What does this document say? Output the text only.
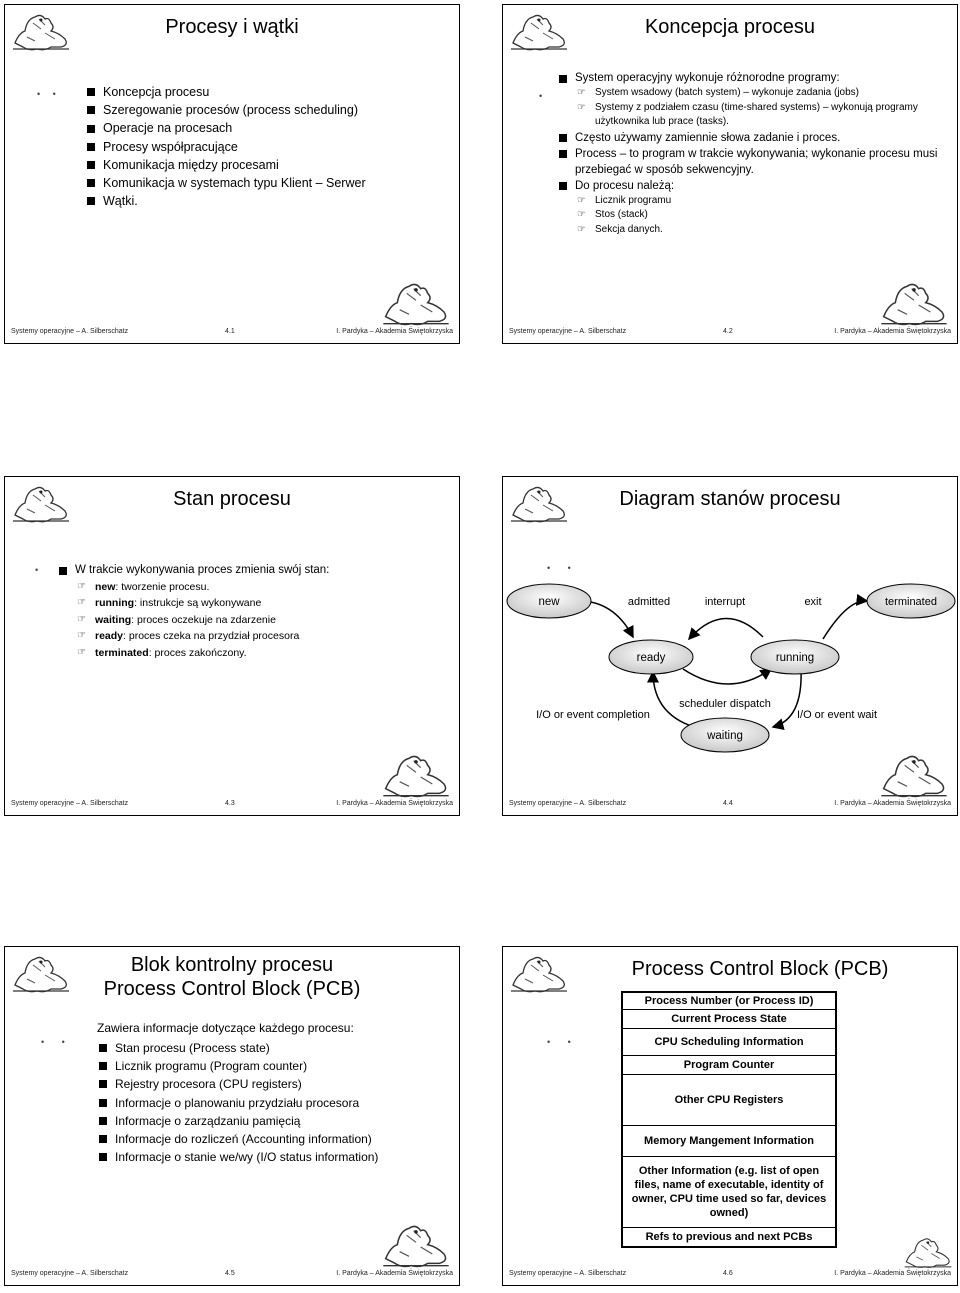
Procesy i wątki
•     •	Koncepcja procesu
Szeregowanie procesów (process scheduling)
Operacje na procesach
Procesy współpracujące
Komunikacja między procesami
Komunikacja w systemach typu Klient – Serwer
Wątki.
Systemy operacyjne – A. Silberschatz	4.1	I. Pardyka – Akademia Świętokrzyska
Koncepcja procesu
•
System operacyjny wykonuje różnorodne programy:
☞ System wsadowy (batch system) – wykonuje zadania (jobs)
☞ Systemy z podziałem czasu (time-shared systems) – wykonują programy użytkownika lub prace (tasks).
Często używamy zamiennie słowa zadanie i proces.
Process – to program w trakcie wykonywania; wykonanie procesu musi przebiegać w sposób sekwencyjny.
Do procesu należą:
☞ Licznik programu
☞ Stos (stack)
☞ Sekcja danych.
Systemy operacyjne – A. Silberschatz	4.2	I. Pardyka – Akademia Świętokrzyska
Stan procesu
•	W trakcie wykonywania proces zmienia swój stan:
☞ new: tworzenie procesu.
☞ running: instrukcje są wykonywane
☞ waiting: proces oczekuje na zdarzenie
☞ ready: proces czeka na przydział procesora
☞ terminated: proces zakończony.
Systemy operacyjne – A. Silberschatz	4.3	I. Pardyka – Akademia Świętokrzyska
Diagram stanów procesu
•       •
new	terminated
ready	running
waiting
admitted	interrupt	exit
scheduler dispatch
I/O or event completion	I/O or event wait
Systemy operacyjne – A. Silberschatz	4.4	I. Pardyka – Akademia Świętokrzyska
Blok kontrolny procesu
Process Control Block (PCB)
•       •
Zawiera informacje dotyczące każdego procesu:
Stan procesu (Process state)
Licznik programu (Program counter)
Rejestry procesora (CPU registers)
Informacje o planowaniu przydziału procesora
Informacje o zarządzaniu pamięcią
Informacje do rozliczeń (Accounting information)
Informacje o stanie we/wy (I/O status information)
Systemy operacyjne – A. Silberschatz	4.5	I. Pardyka – Akademia Świętokrzyska
Process Control Block (PCB)
•       •
Process Number (or Process ID)
Current Process State
CPU Scheduling Information
Program Counter
Other CPU Registers
Memory Mangement Information
Other Information (e.g. list of open files, name of executable, identity of owner, CPU time used so far, devices owned)
Refs to previous and next PCBs
Systemy operacyjne – A. Silberschatz	4.6	I. Pardyka – Akademia Świętokrzyska
